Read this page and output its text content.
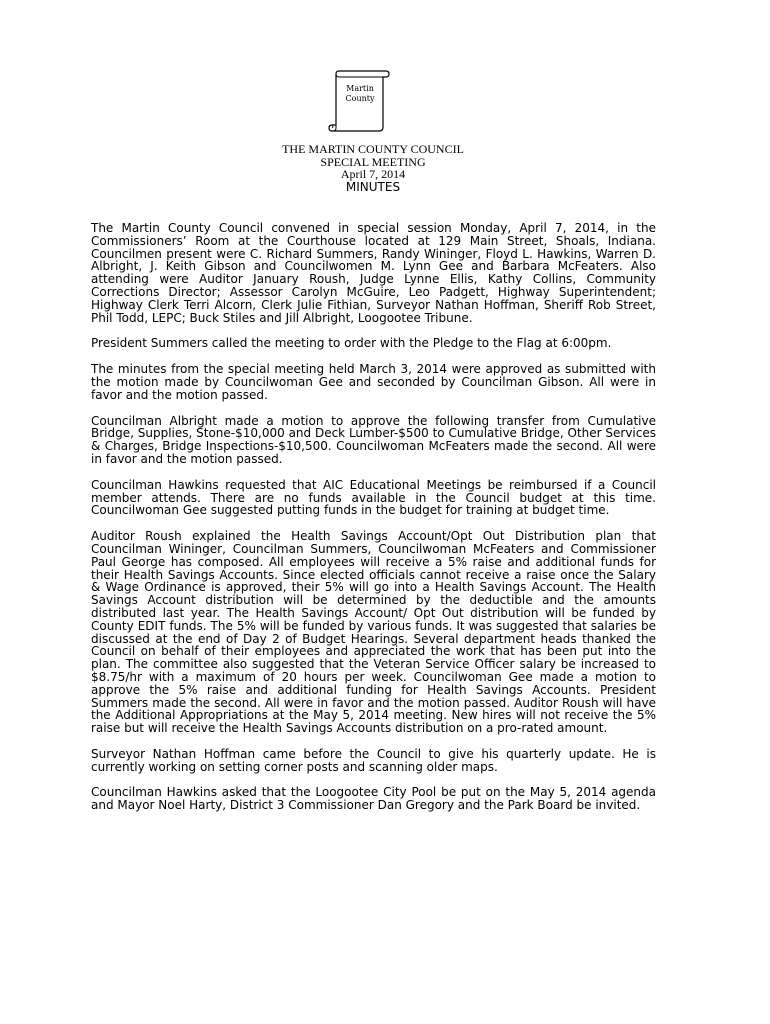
Martin
County
THE MARTIN COUNTY COUNCIL
SPECIAL MEETING
April 7, 2014
MINUTES

The Martin County Council convened in special session Monday, April 7, 2014, in the Commissioners’ Room at the Courthouse located at 129 Main Street, Shoals, Indiana. Councilmen present were C. Richard Summers, Randy Wininger, Floyd L. Hawkins, Warren D. Albright, J. Keith Gibson and Councilwomen M. Lynn Gee and Barbara McFeaters. Also attending were Auditor January Roush, Judge Lynne Ellis, Kathy Collins, Community Corrections Director; Assessor Carolyn McGuire, Leo Padgett, Highway Superintendent; Highway Clerk Terri Alcorn, Clerk Julie Fithian, Surveyor Nathan Hoffman, Sheriff Rob Street, Phil Todd, LEPC; Buck Stiles and Jill Albright, Loogootee Tribune.

President Summers called the meeting to order with the Pledge to the Flag at 6:00pm.

The minutes from the special meeting held March 3, 2014 were approved as submitted with the motion made by Councilwoman Gee and seconded by Councilman Gibson. All were in favor and the motion passed.

Councilman Albright made a motion to approve the following transfer from Cumulative Bridge, Supplies, Stone-$10,000 and Deck Lumber-$500 to Cumulative Bridge, Other Services & Charges, Bridge Inspections-$10,500. Councilwoman McFeaters made the second. All were in favor and the motion passed.

Councilman Hawkins requested that AIC Educational Meetings be reimbursed if a Council member attends. There are no funds available in the Council budget at this time. Councilwoman Gee suggested putting funds in the budget for training at budget time.

Auditor Roush explained the Health Savings Account/Opt Out Distribution plan that Councilman Wininger, Councilman Summers, Councilwoman McFeaters and Commissioner Paul George has composed. All employees will receive a 5% raise and additional funds for their Health Savings Accounts. Since elected officials cannot receive a raise once the Salary & Wage Ordinance is approved, their 5% will go into a Health Savings Account. The Health Savings Account distribution will be determined by the deductible and the amounts distributed last year. The Health Savings Account/ Opt Out distribution will be funded by County EDIT funds. The 5% will be funded by various funds. It was suggested that salaries be discussed at the end of Day 2 of Budget Hearings. Several department heads thanked the Council on behalf of their employees and appreciated the work that has been put into the plan. The committee also suggested that the Veteran Service Officer salary be increased to $8.75/hr with a maximum of 20 hours per week. Councilwoman Gee made a motion to approve the 5% raise and additional funding for Health Savings Accounts. President Summers made the second. All were in favor and the motion passed. Auditor Roush will have the Additional Appropriations at the May 5, 2014 meeting. New hires will not receive the 5% raise but will receive the Health Savings Accounts distribution on a pro-rated amount.

Surveyor Nathan Hoffman came before the Council to give his quarterly update. He is currently working on setting corner posts and scanning older maps.

Councilman Hawkins asked that the Loogootee City Pool be put on the May 5, 2014 agenda and Mayor Noel Harty, District 3 Commissioner Dan Gregory and the Park Board be invited.
